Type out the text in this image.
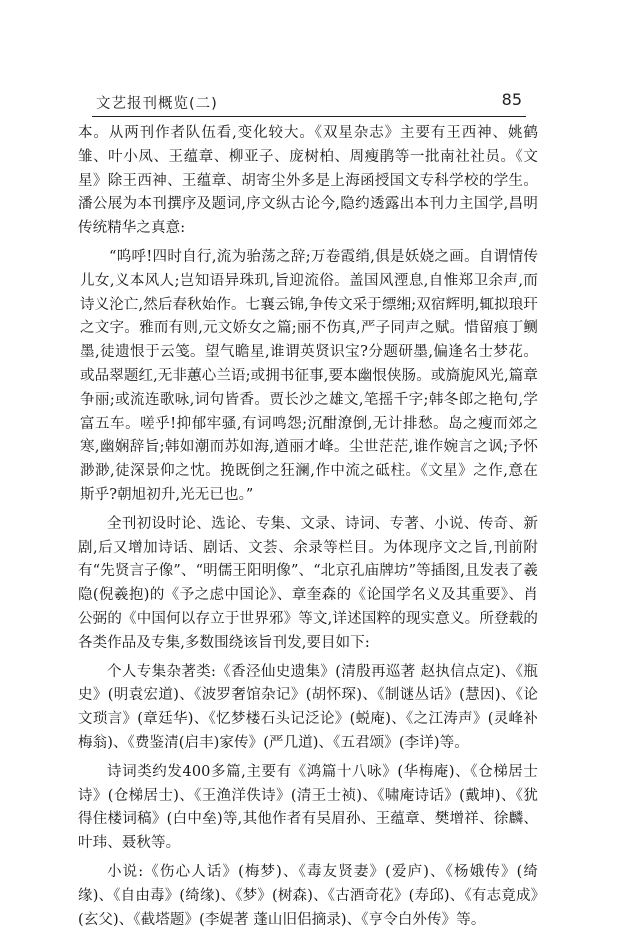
文艺报刊概览(二)	85

本。从两刊作者队伍看,变化较大。《双星杂志》主要有王西神、姚鹤雏、叶小凤、王蕴章、柳亚子、庞树柏、周瘦鹃等一批南社社员。《文星》除王西神、王蕴章、胡寄尘外多是上海函授国文专科学校的学生。潘公展为本刊撰序及题词,序文纵古论今,隐约透露出本刊力主国学,昌明传统精华之真意:

“呜呼!四时自行,流为骀荡之辞;万卷霞绡,俱是妖娆之画。自谓情传儿女,义本风人;岂知语异珠玑,旨迎流俗。盖国风湮息,自惟郑卫余声,而诗义沦亡,然后春秋始作。七襄云锦,争传文采于缥缃;双宿辉明,辄拟琅玕之文字。雅而有则,元文娇女之篇;丽不伤真,严子同声之赋。惜留痕丁鲗墨,徒遗恨于云笺。望气瞻星,谁谓英贤识宝?分题研墨,偏逢名士梦花。或品翠题红,无非蕙心兰语;或拥书征事,要本幽恨侠肠。或旖旎风光,篇章争丽;或流连歌咏,词句皆香。贾长沙之雄文,笔摇千字;韩冬郎之艳句,学富五车。嗟乎!抑郁牢骚,有词鸣怨;沉酣潦倒,无计排愁。岛之瘦而郊之寒,幽娴辞旨;韩如潮而苏如海,遒丽才峰。尘世茫茫,谁作婉言之讽;予怀渺渺,徒深景仰之忱。挽既倒之狂澜,作中流之砥柱。《文星》之作,意在斯乎?朝旭初升,光无已也。”

全刊初设时论、选论、专集、文录、诗词、专著、小说、传奇、新剧,后又增加诗话、剧话、文荟、余录等栏目。为体现序文之旨,刊前附有“先贤言子像”、“明儒王阳明像”、“北京孔庙牌坊”等插图,且发表了羲隐(倪羲抱)的《予之虑中国论》、章奎森的《论国学名义及其重要》、肖公弼的《中国何以存立于世界邪》等文,详述国粹的现实意义。所登载的各类作品及专集,多数围绕该旨刊发,要目如下:

个人专集杂著类:《香泾仙史遗集》(清殷再巡著 赵执信点定)、《瓶史》(明袁宏道)、《波罗奢馆杂记》(胡怀琛)、《制谜丛话》(慧因)、《论文琐言》(章廷华)、《忆梦楼石头记泛论》(蜕庵)、《之江涛声》(灵峰补梅翁)、《费鉴清(启丰)家传》(严几道)、《五君颂》(李详)等。

诗词类约发400多篇,主要有《鸿篇十八咏》(华梅庵)、《仓梯居士诗》(仓梯居士)、《王渔洋佚诗》(清王士祯)、《啸庵诗话》(戴坤)、《犹得住楼词稿》(白中垒)等,其他作者有吴眉孙、王蕴章、樊增祥、徐麟、叶玮、聂秋等。

小说:《伤心人话》(梅梦)、《毒友贤妻》(爱庐)、《杨娥传》(绮缘)、《自由毒》(绮缘)、《梦》(树森)、《古酒奇花》(寿邱)、《有志竟成》(玄父)、《截塔题》(李媞著 蓬山旧侣摘录)、《亨令白外传》等。
